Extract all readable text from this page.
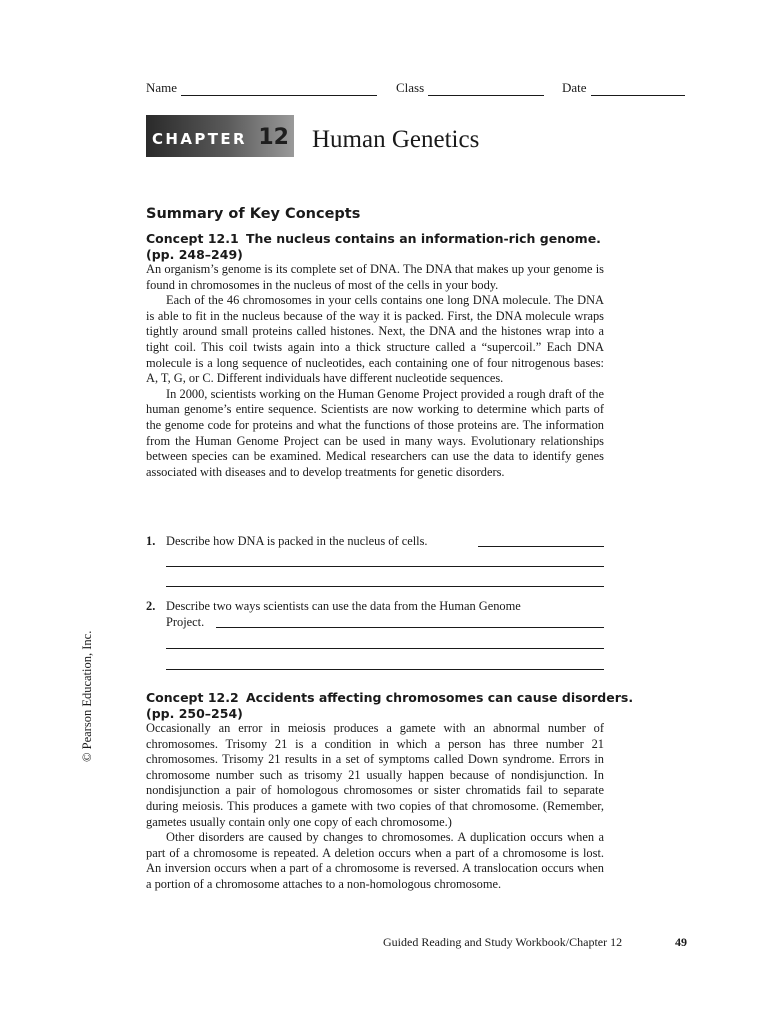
Name	Class	Date
CHAPTER 12 Human Genetics
© Pearson Education, Inc.
Summary of Key Concepts
Concept 12.1 The nucleus contains an information-rich genome.
(pp. 248–249)

An organism’s genome is its complete set of DNA. The DNA that makes up your genome is found in chromosomes in the nucleus of most of the cells in your body.

Each of the 46 chromosomes in your cells contains one long DNA molecule. The DNA is able to fit in the nucleus because of the way it is packed. First, the DNA molecule wraps tightly around small proteins called histones. Next, the DNA and the histones wrap into a tight coil. This coil twists again into a thick structure called a “supercoil.” Each DNA molecule is a long sequence of nucleotides, each containing one of four nitrogenous bases: A, T, G, or C. Different individuals have different nucleotide sequences.

In 2000, scientists working on the Human Genome Project provided a rough draft of the human genome’s entire sequence. Scientists are now working to determine which parts of the genome code for proteins and what the functions of those proteins are. The information from the Human Genome Project can be used in many ways. Evolutionary relationships between species can be examined. Medical researchers can use the data to identify genes associated with diseases and to develop treatments for genetic disorders.

1. Describe how DNA is packed in the nucleus of cells.
2. Describe two ways scientists can use the data from the Human Genome
Project.
Concept 12.2 Accidents affecting chromosomes can cause disorders.
(pp. 250–254)

Occasionally an error in meiosis produces a gamete with an abnormal number of chromosomes. Trisomy 21 is a condition in which a person has three number 21 chromosomes. Trisomy 21 results in a set of symptoms called Down syndrome. Errors in chromosome number such as trisomy 21 usually happen because of nondisjunction. In nondisjunction a pair of homologous chromosomes or sister chromatids fail to separate during meiosis. This produces a gamete with two copies of that chromosome. (Remember, gametes usually contain only one copy of each chromosome.)

Other disorders are caused by changes to chromosomes. A duplication occurs when a part of a chromosome is repeated. A deletion occurs when a part of a chromosome is lost. An inversion occurs when a part of a chromosome is reversed. A translocation occurs when a portion of a chromosome attaches to a non-homologous chromosome.

Guided Reading and Study Workbook/Chapter 12	49
